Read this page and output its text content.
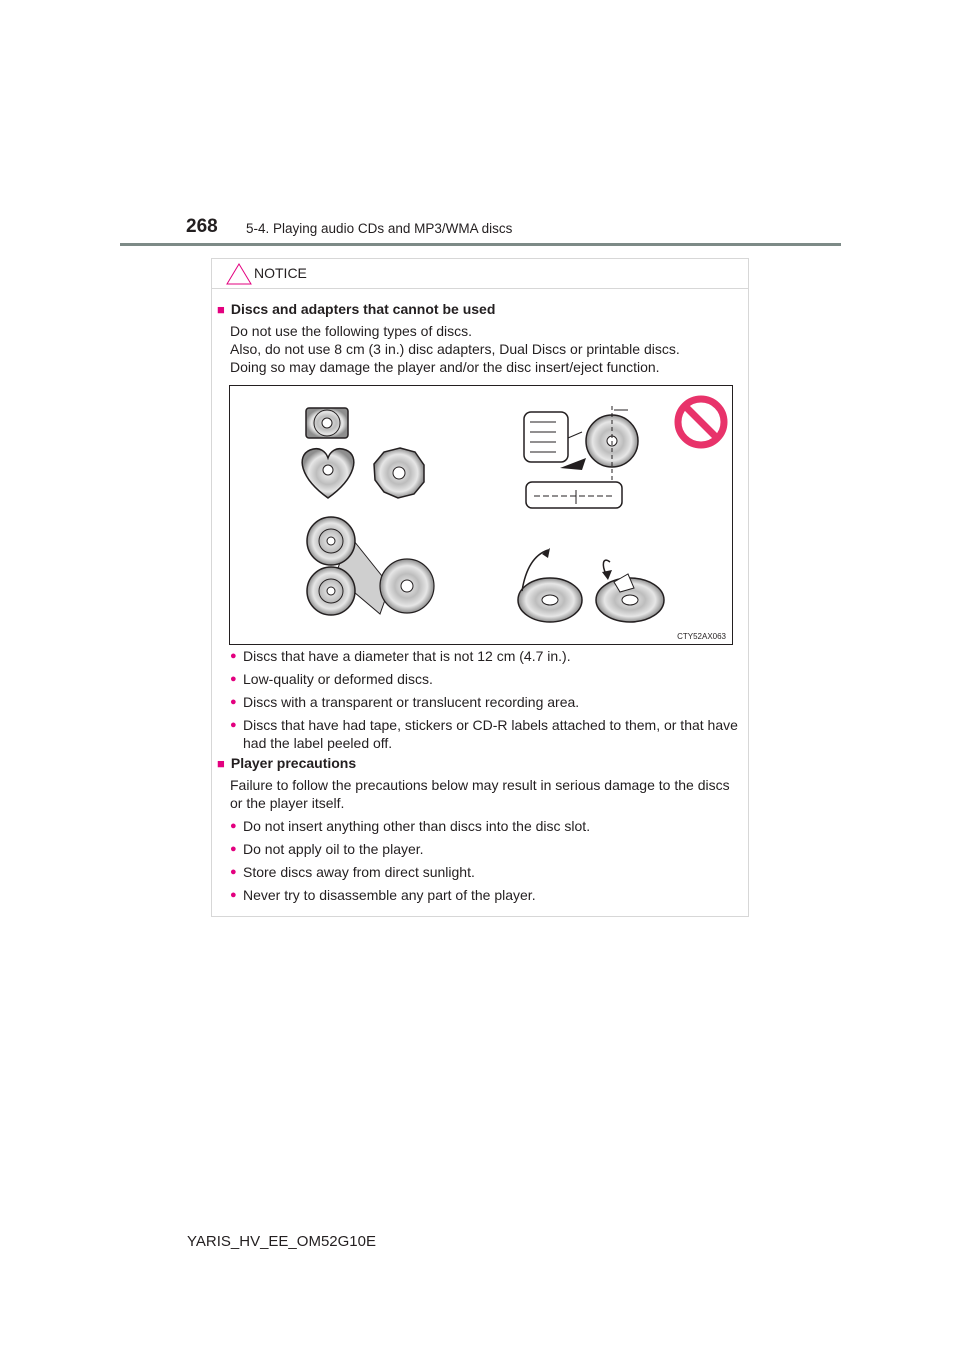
268 5-4. Playing audio CDs and MP3/WMA discs
NOTICE
■ Discs and adapters that cannot be used
Do not use the following types of discs.
Also, do not use 8 cm (3 in.) disc adapters, Dual Discs or printable discs.
Doing so may damage the player and/or the disc insert/eject function.
CTY52AX063
● Discs that have a diameter that is not 12 cm (4.7 in.).
● Low-quality or deformed discs.
● Discs with a transparent or translucent recording area.
● Discs that have had tape, stickers or CD-R labels attached to them, or that have had the label peeled off.
■ Player precautions
Failure to follow the precautions below may result in serious damage to the discs or the player itself.
● Do not insert anything other than discs into the disc slot.
● Do not apply oil to the player.
● Store discs away from direct sunlight.
● Never try to disassemble any part of the player.
YARIS_HV_EE_OM52G10E
